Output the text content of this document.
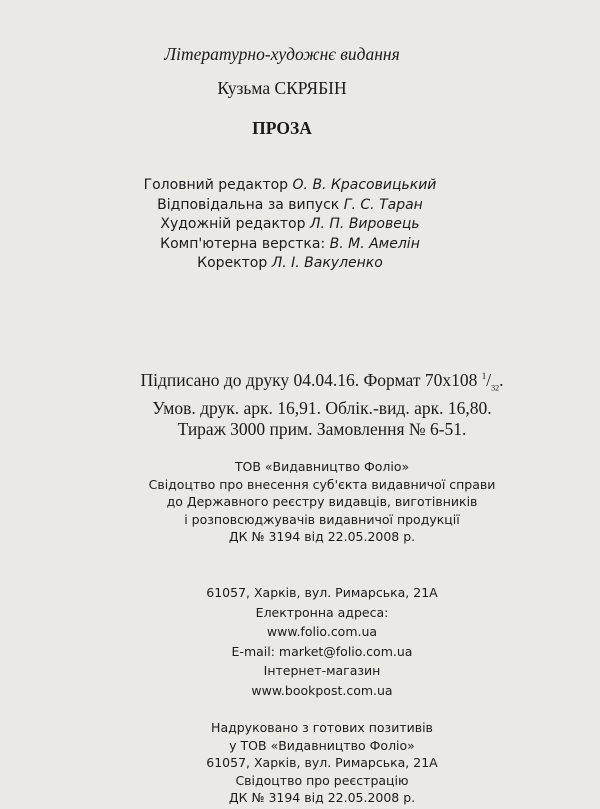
Літературно-художнє видання
Кузьма СКРЯБІН
ПРОЗА
Головний редактор О. В. Красовицький
Відповідальна за випуск Г. С. Таран
Художній редактор Л. П. Вировець
Комп'ютерна верстка: В. М. Амелін
Коректор Л. І. Вакуленко
Підписано до друку 04.04.16. Формат 70x108 $^1/_{32}$.
Умов. друк. арк. 16,91. Облік.-вид. арк. 16,80.
Тираж 3000 прим. Замовлення № 6-51.
ТОВ «Видавництво Фоліо»
Свідоцтво про внесення суб'єкта видавничої справи
до Державного реєстру видавців, виготівників
і розповсюджувачів видавничої продукції
ДК № 3194 від 22.05.2008 р.
61057, Харків, вул. Римарська, 21А
Електронна адреса:
www.folio.com.ua
E-mail: market@folio.com.ua
Інтернет-магазин
www.bookpost.com.ua
Надруковано з готових позитивів
у ТОВ «Видавництво Фоліо»
61057, Харків, вул. Римарська, 21А
Свідоцтво про реєстрацію
ДК № 3194 від 22.05.2008 р.
